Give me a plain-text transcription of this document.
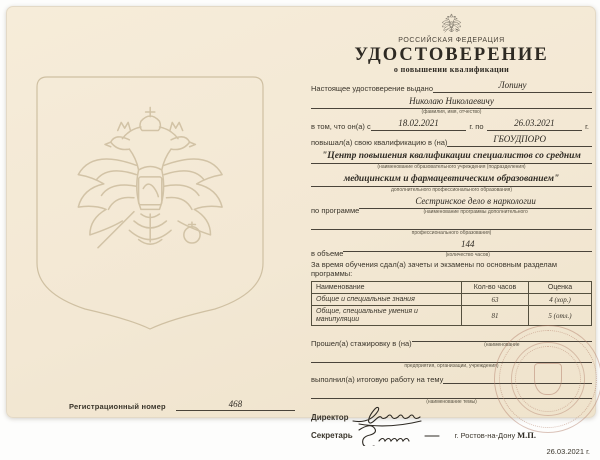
Регистрационный номер	468
РОССИЙСКАЯ ФЕДЕРАЦИЯ
УДОСТОВЕРЕНИЕ
о повышении квалификации
Настоящее удостоверение выдано	Лопину
Николаю Николаевичу
(фамилия, имя, отчество)
в том, что он(а) с	18.02.2021	г. по	26.03.2021	г.
повышал(а) свою квалификацию в (на)	ГБОУДПОРО
"Центр повышения квалификации специалистов со средним
(наименование образовательного учреждения (подразделения)
медицинским и фармацевтическим образованием"
дополнительного профессионального образования)
по программе
Сестринское дело в наркологии
(наименование программы дополнительного
профессионального образования)
в объеме
144
(количество часов)
За время обучения сдал(а) зачеты и экзамены по основным разделам программы:
Наименование	Кол-во часов	Оценка
Общие и специальные знания	63	4 (хор.)
Общие, специальные умения и манипуляции	81	5 (отл.)
Прошел(а) стажировку в (на)	(наименование
предприятия, организации, учреждения)
выполнил(а) итоговую работу на тему
(наименование темы)
Директор
М.П.
Секретарь	г. Ростов-на-Дону
26.03.2021 г.
